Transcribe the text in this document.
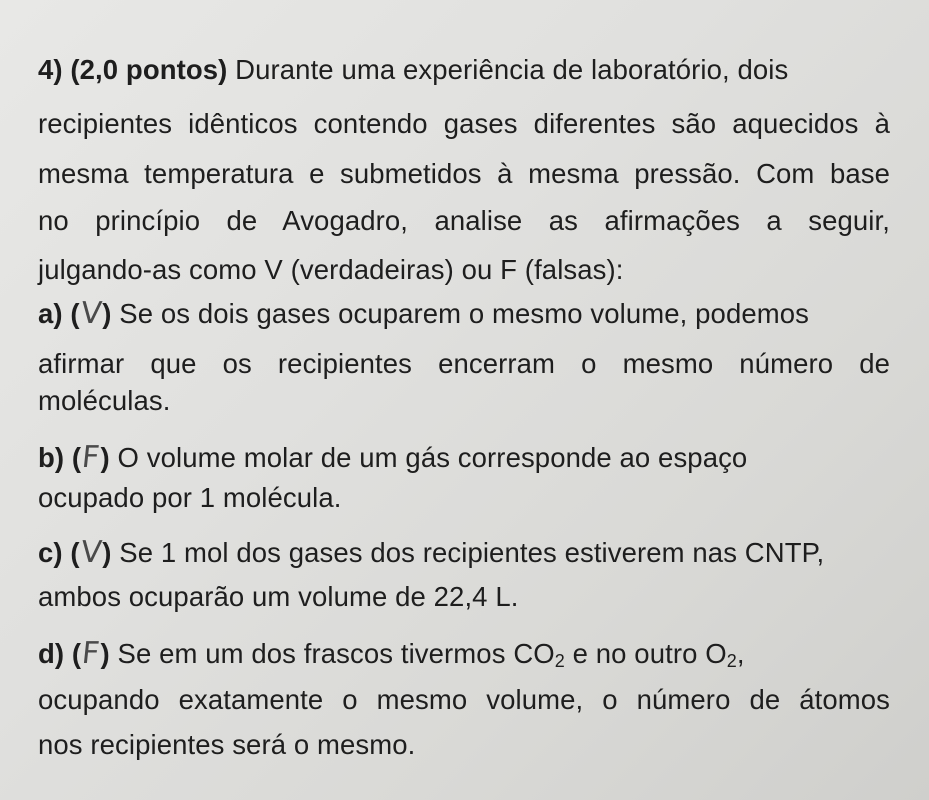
4) (2,0 pontos) Durante uma experiência de laboratório, dois
recipientes idênticos contendo gases diferentes são aquecidos à
mesma temperatura e submetidos à mesma pressão. Com base
no princípio de Avogadro, analise as afirmações a seguir,
julgando-as como V (verdadeiras) ou F (falsas):
a) (V) Se os dois gases ocuparem o mesmo volume, podemos
afirmar que os recipientes encerram o mesmo número de
moléculas.
b) (F) O volume molar de um gás corresponde ao espaço
ocupado por 1 molécula.
c) (V) Se 1 mol dos gases dos recipientes estiverem nas CNTP,
ambos ocuparão um volume de 22,4 L.
d) (F) Se em um dos frascos tivermos $CO_2$ e no outro $O_2$,
ocupando exatamente o mesmo volume, o número de átomos
nos recipientes será o mesmo.
